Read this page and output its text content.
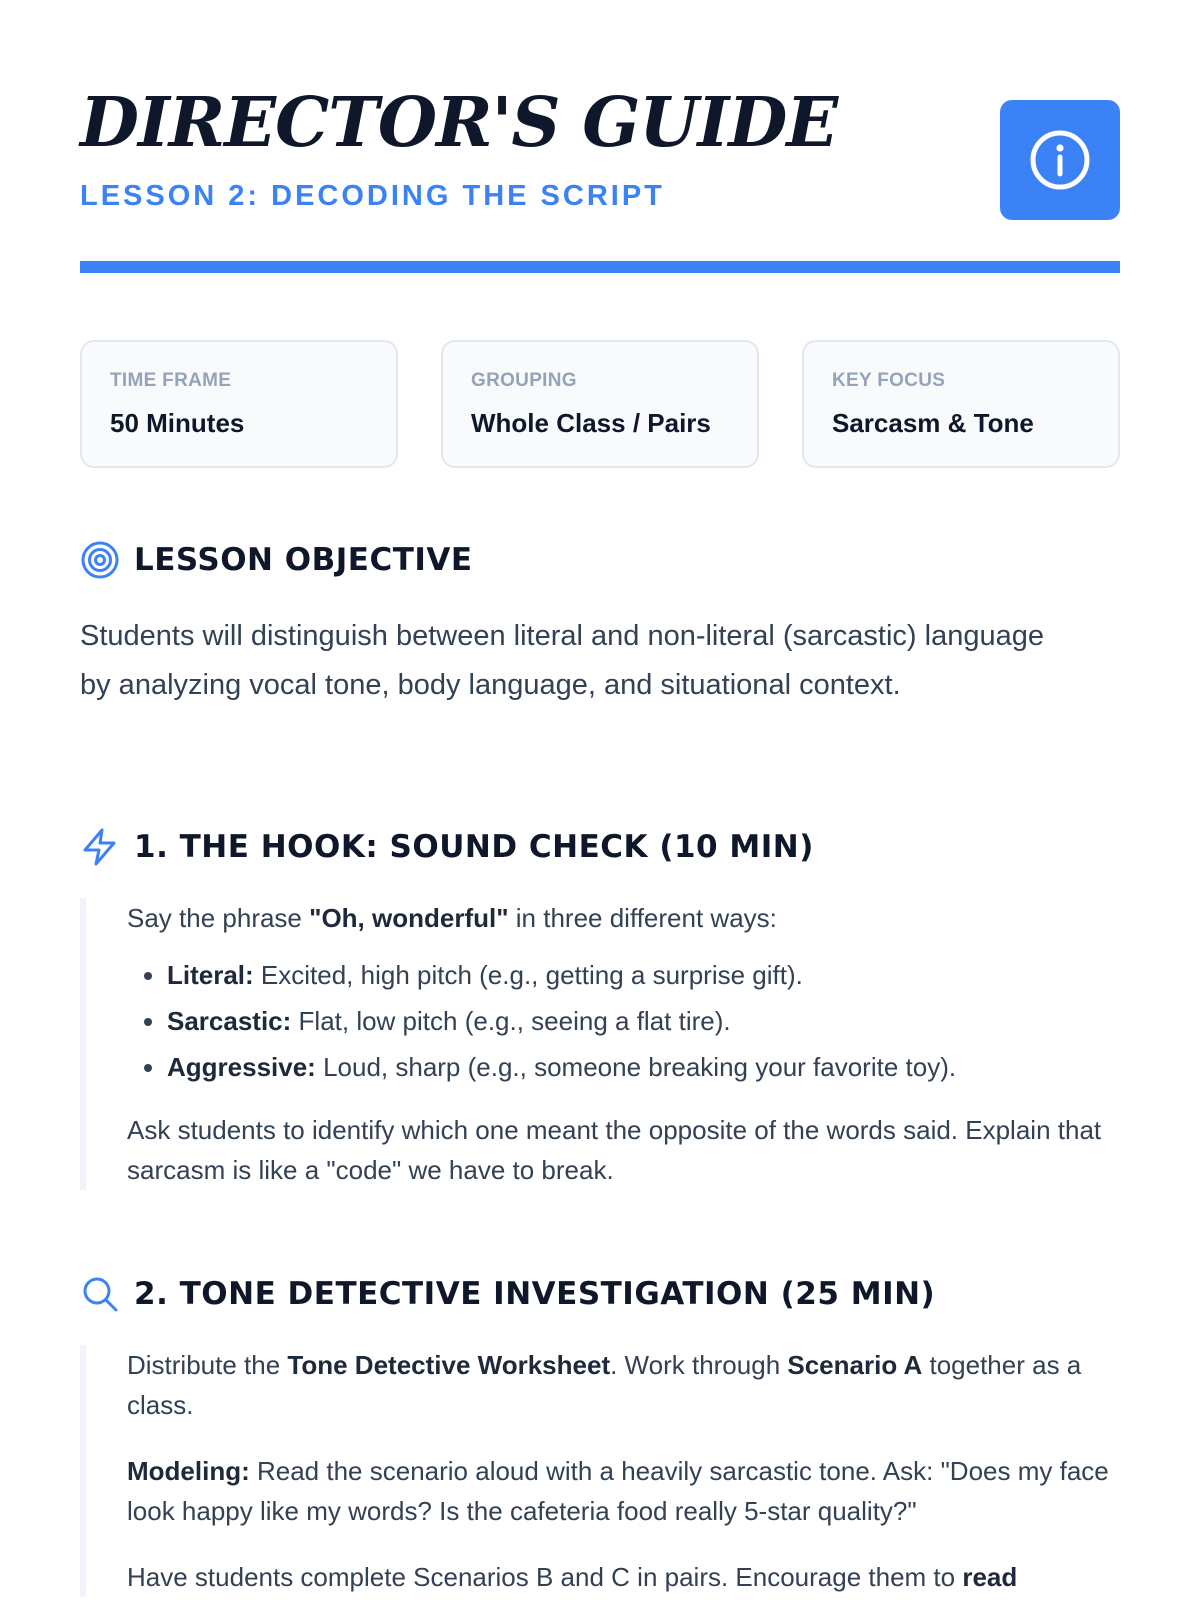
DIRECTOR'S GUIDE
LESSON 2: DECODING THE SCRIPT
TIME FRAME
50 Minutes
GROUPING
Whole Class / Pairs
KEY FOCUS
Sarcasm & Tone
LESSON OBJECTIVE

Students will distinguish between literal and non-literal (sarcastic) language by analyzing vocal tone, body language, and situational context.

1. THE HOOK: SOUND CHECK (10 MIN)

Say the phrase "Oh, wonderful" in three different ways:

• Literal: Excited, high pitch (e.g., getting a surprise gift).
• Sarcastic: Flat, low pitch (e.g., seeing a flat tire).
• Aggressive: Loud, sharp (e.g., someone breaking your favorite toy).

Ask students to identify which one meant the opposite of the words said. Explain that sarcasm is like a "code" we have to break.

2. TONE DETECTIVE INVESTIGATION (25 MIN)

Distribute the Tone Detective Worksheet. Work through Scenario A together as a class.

Modeling: Read the scenario aloud with a heavily sarcastic tone. Ask: "Does my face look happy like my words? Is the cafeteria food really 5-star quality?"

Have students complete Scenarios B and C in pairs. Encourage them to read
